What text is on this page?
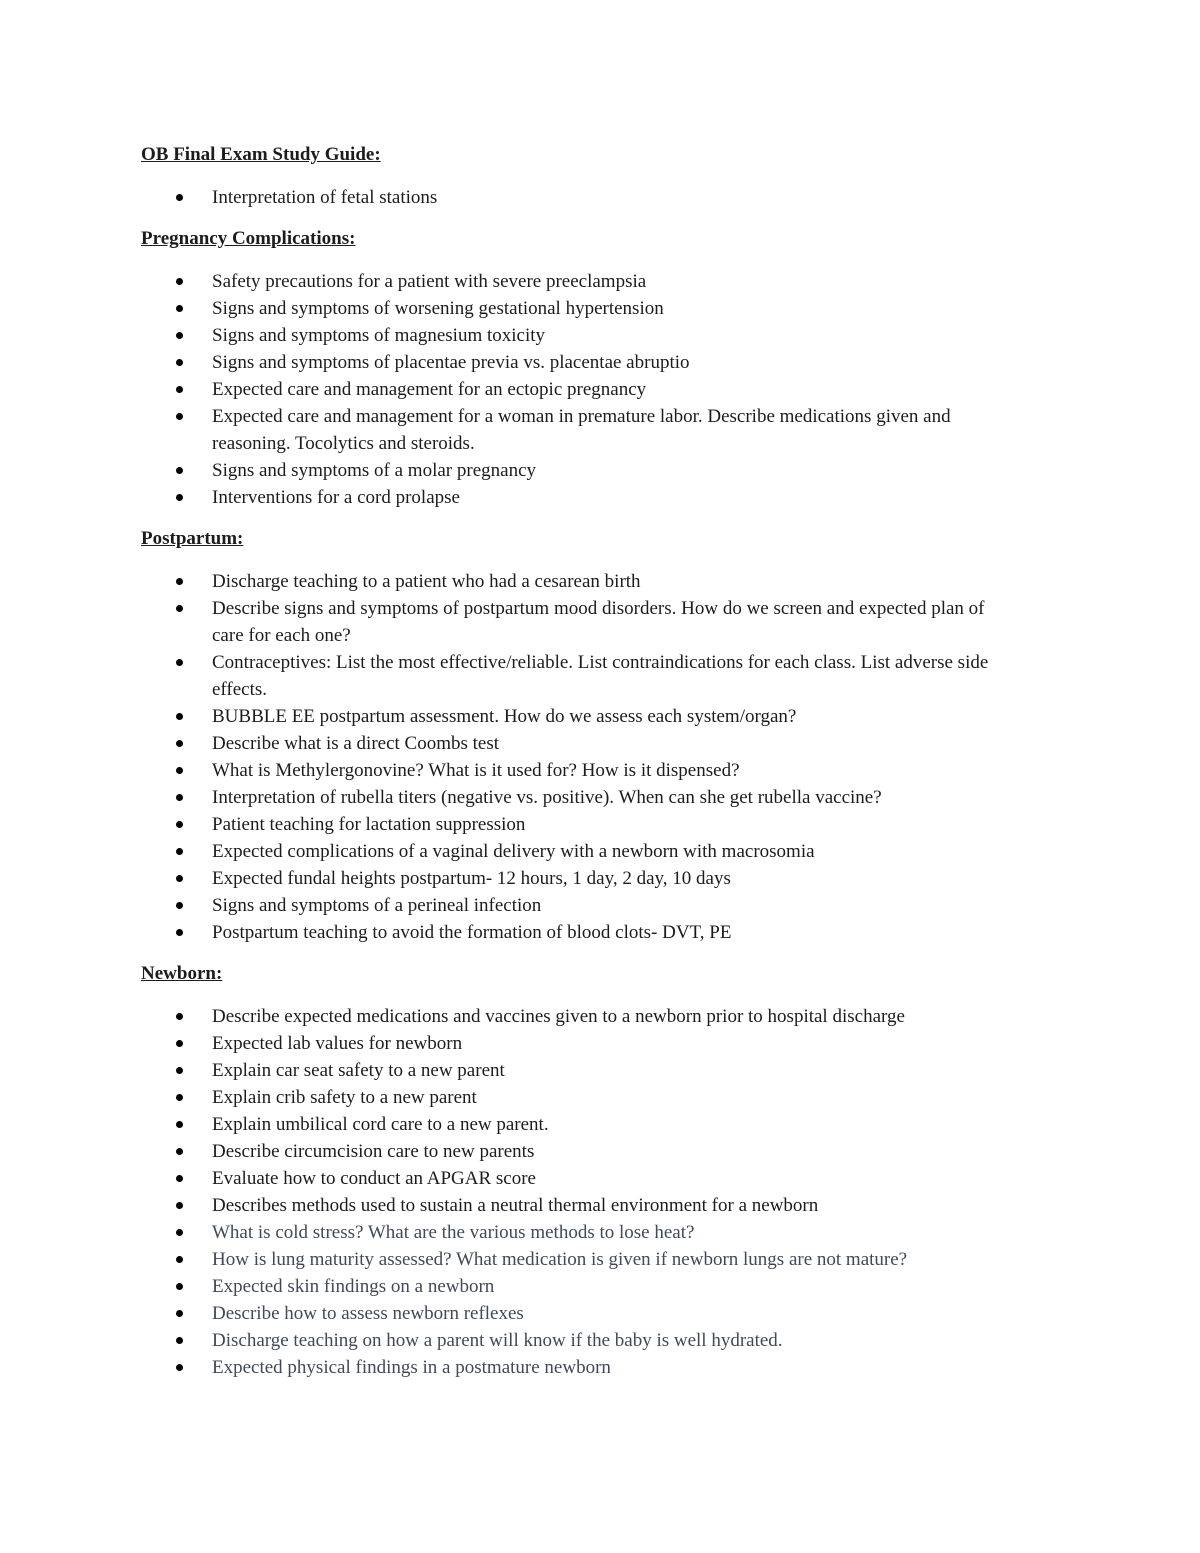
OB Final Exam Study Guide:

Interpretation of fetal stations

Pregnancy Complications:

Safety precautions for a patient with severe preeclampsia
Signs and symptoms of worsening gestational hypertension
Signs and symptoms of magnesium toxicity
Signs and symptoms of placentae previa vs. placentae abruptio
Expected care and management for an ectopic pregnancy
Expected care and management for a woman in premature labor. Describe medications given and reasoning. Tocolytics and steroids.
Signs and symptoms of a molar pregnancy
Interventions for a cord prolapse

Postpartum:

Discharge teaching to a patient who had a cesarean birth
Describe signs and symptoms of postpartum mood disorders. How do we screen and expected plan of care for each one?
Contraceptives: List the most effective/reliable. List contraindications for each class. List adverse side effects.
BUBBLE EE postpartum assessment. How do we assess each system/organ?
Describe what is a direct Coombs test
What is Methylergonovine? What is it used for? How is it dispensed?
Interpretation of rubella titers (negative vs. positive). When can she get rubella vaccine?
Patient teaching for lactation suppression
Expected complications of a vaginal delivery with a newborn with macrosomia
Expected fundal heights postpartum- 12 hours, 1 day, 2 day, 10 days
Signs and symptoms of a perineal infection
Postpartum teaching to avoid the formation of blood clots- DVT, PE

Newborn:

Describe expected medications and vaccines given to a newborn prior to hospital discharge
Expected lab values for newborn
Explain car seat safety to a new parent
Explain crib safety to a new parent
Explain umbilical cord care to a new parent.
Describe circumcision care to new parents
Evaluate how to conduct an APGAR score
Describes methods used to sustain a neutral thermal environment for a newborn
What is cold stress? What are the various methods to lose heat?
How is lung maturity assessed? What medication is given if newborn lungs are not mature?
Expected skin findings on a newborn
Describe how to assess newborn reflexes
Discharge teaching on how a parent will know if the baby is well hydrated.
Expected physical findings in a postmature newborn
